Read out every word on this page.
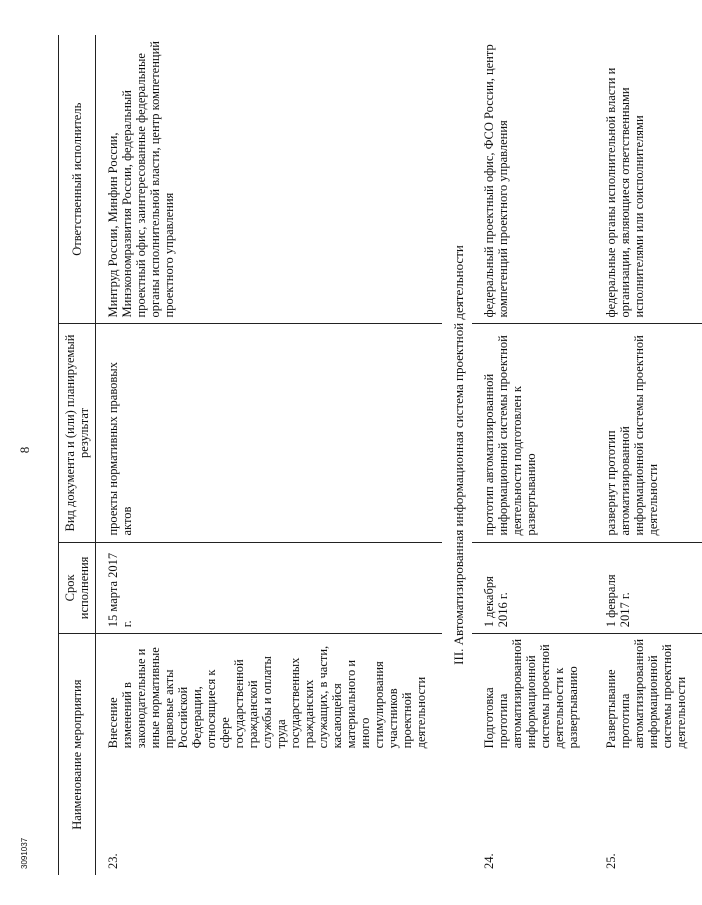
8
3091037
Наименование мероприятия		Срок исполнения	Вид документа и (или) планируемый результат	Ответственный исполнитель
23.	Внесение изменений в законодательные и иные нормативные правовые акты Российской Федерации, относящиеся к сфере государственной гражданской службы и оплаты труда государственных гражданских служащих, в части, касающейся материального и иного стимулирования участников проектной деятельности	15 марта 2017 г.	проекты нормативных правовых актов	Минтруд России, Минфин России, Минэкономразвития России, федеральный проектный офис, заинтересованные федеральные органы исполнительной власти, центр компетенций проектного управления
III. Автоматизированная информационная система проектной деятельности				
24.	Подготовка прототипа автоматизированной информационной системы проектной деятельности к развертыванию	1 декабря 2016 г.	прототип автоматизированной информационной системы проектной деятельности подготовлен к развертыванию	федеральный проектный офис, ФСО России, центр компетенций проектного управления
25.	Развертывание прототипа автоматизированной информационной системы проектной деятельности	1 февраля 2017 г.	развернут прототип автоматизированной информационной системы проектной деятельности	федеральные органы исполнительной власти и организации, являющиеся ответственными исполнителями или соисполнителями
